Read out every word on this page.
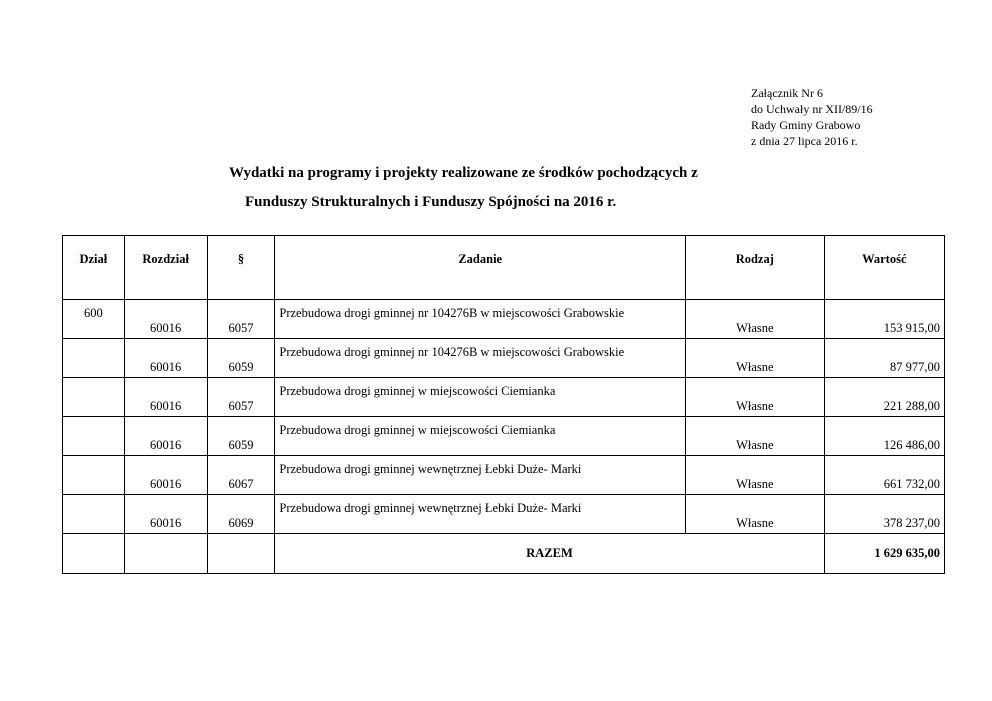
Załącznik Nr 6
do Uchwały nr XII/89/16
Rady Gminy Grabowo
z dnia 27 lipca 2016 r.
Wydatki na programy i projekty realizowane ze środków pochodzących z
Funduszy Strukturalnych i Funduszy Spójności na 2016 r.
Dział	Rozdział	§	Zadanie	Rodzaj	Wartość
600	60016	6057	Przebudowa drogi gminnej nr 104276B w miejscowości Grabowskie	Własne	153 915,00
	60016	6059	Przebudowa drogi gminnej nr 104276B w miejscowości Grabowskie	Własne	87 977,00
	60016	6057	Przebudowa drogi gminnej w miejscowości Ciemianka	Własne	221 288,00
	60016	6059	Przebudowa drogi gminnej w miejscowości Ciemianka	Własne	126 486,00
	60016	6067	Przebudowa drogi gminnej wewnętrznej Łebki Duże- Marki	Własne	661 732,00
	60016	6069	Przebudowa drogi gminnej wewnętrznej Łebki Duże- Marki	Własne	378 237,00
			RAZEM		1 629 635,00
